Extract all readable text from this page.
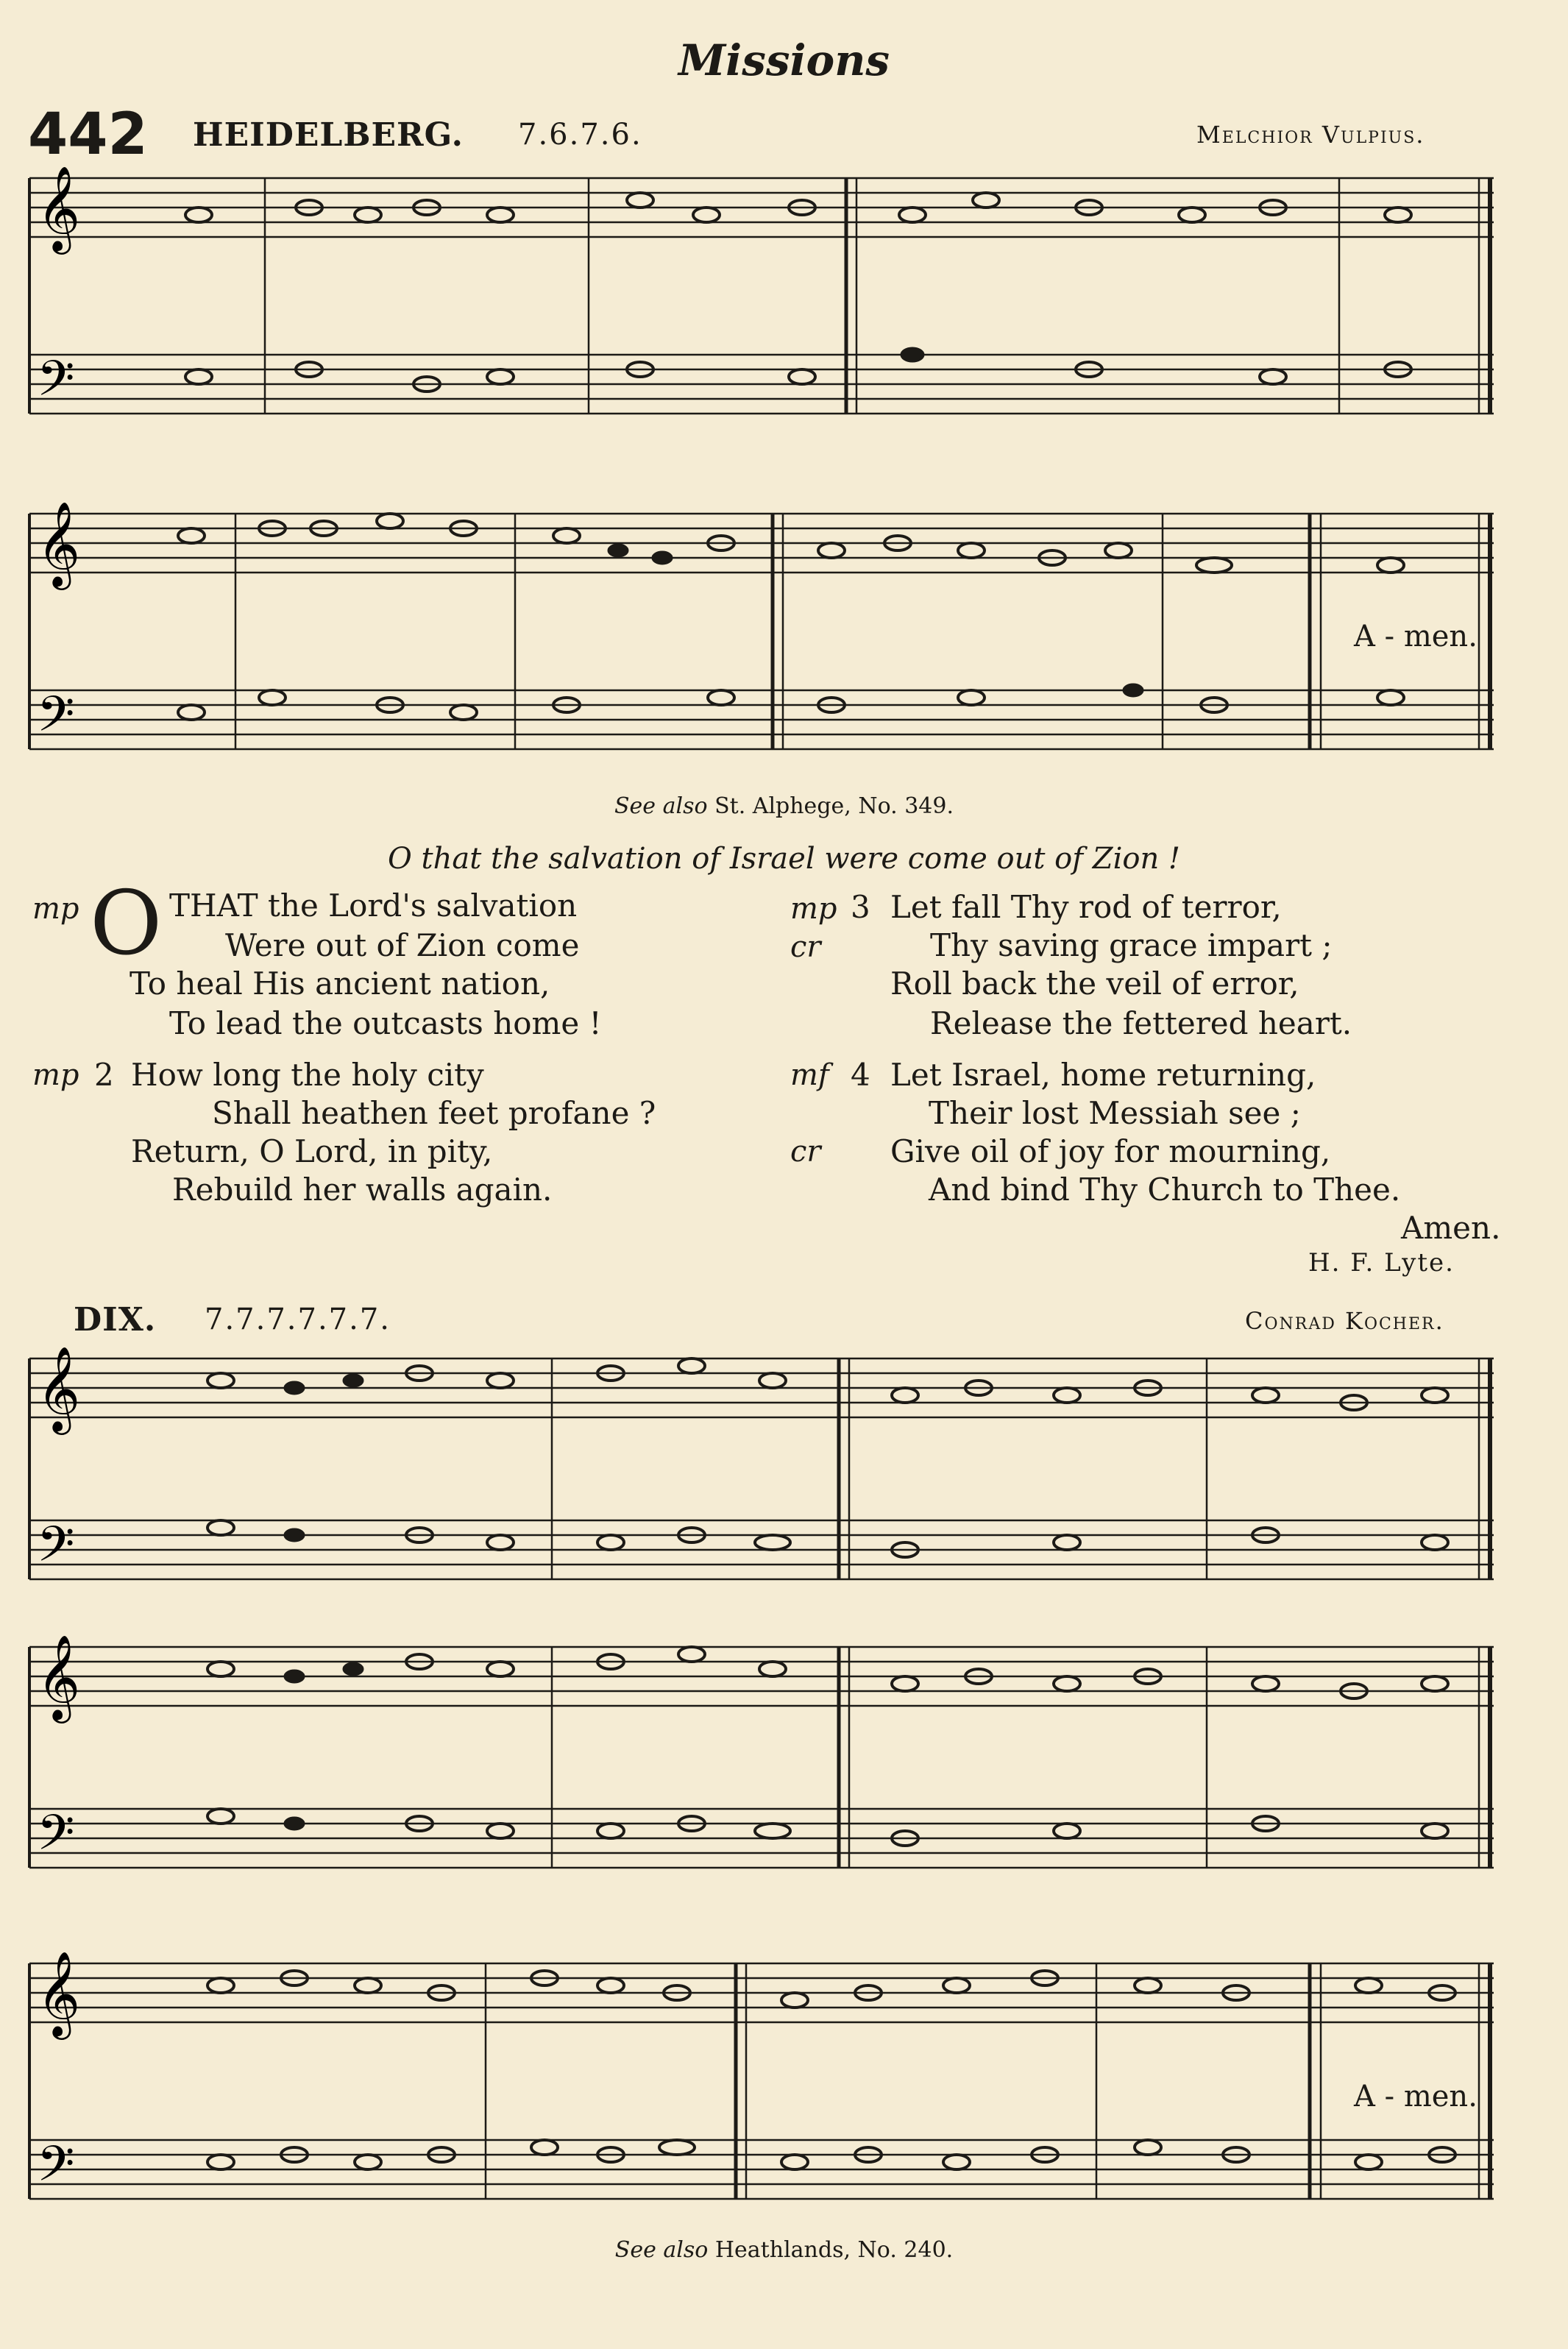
Missions
442 HEIDELBERG. 7.6.7.6.	Melchior Vulpius.
𝄞
𝄢
𝄞
𝄢
A - men.
See also St. Alphege, No. 349.
O that the salvation of Israel were come out of Zion !
mp O THAT the Lord's salvation
Were out of Zion come
To heal His ancient nation,
To lead the outcasts home !
mp 2 How long the holy city
Shall heathen feet profane ?
Return, O Lord, in pity,
Rebuild her walls again.
mp 3 Let fall Thy rod of terror,
cr	Thy saving grace impart ;
Roll back the veil of error,
Release the fettered heart.
mf 4 Let Israel, home returning,
Their lost Messiah see ;
cr Give oil of joy for mourning,
And bind Thy Church to Thee.
Amen.
H. F. Lyte.
DIX. 7.7.7.7.7.7.	Conrad Kocher.
𝄞
𝄢
𝄞
𝄢
𝄞
𝄢
A - men.
See also Heathlands, No. 240.
